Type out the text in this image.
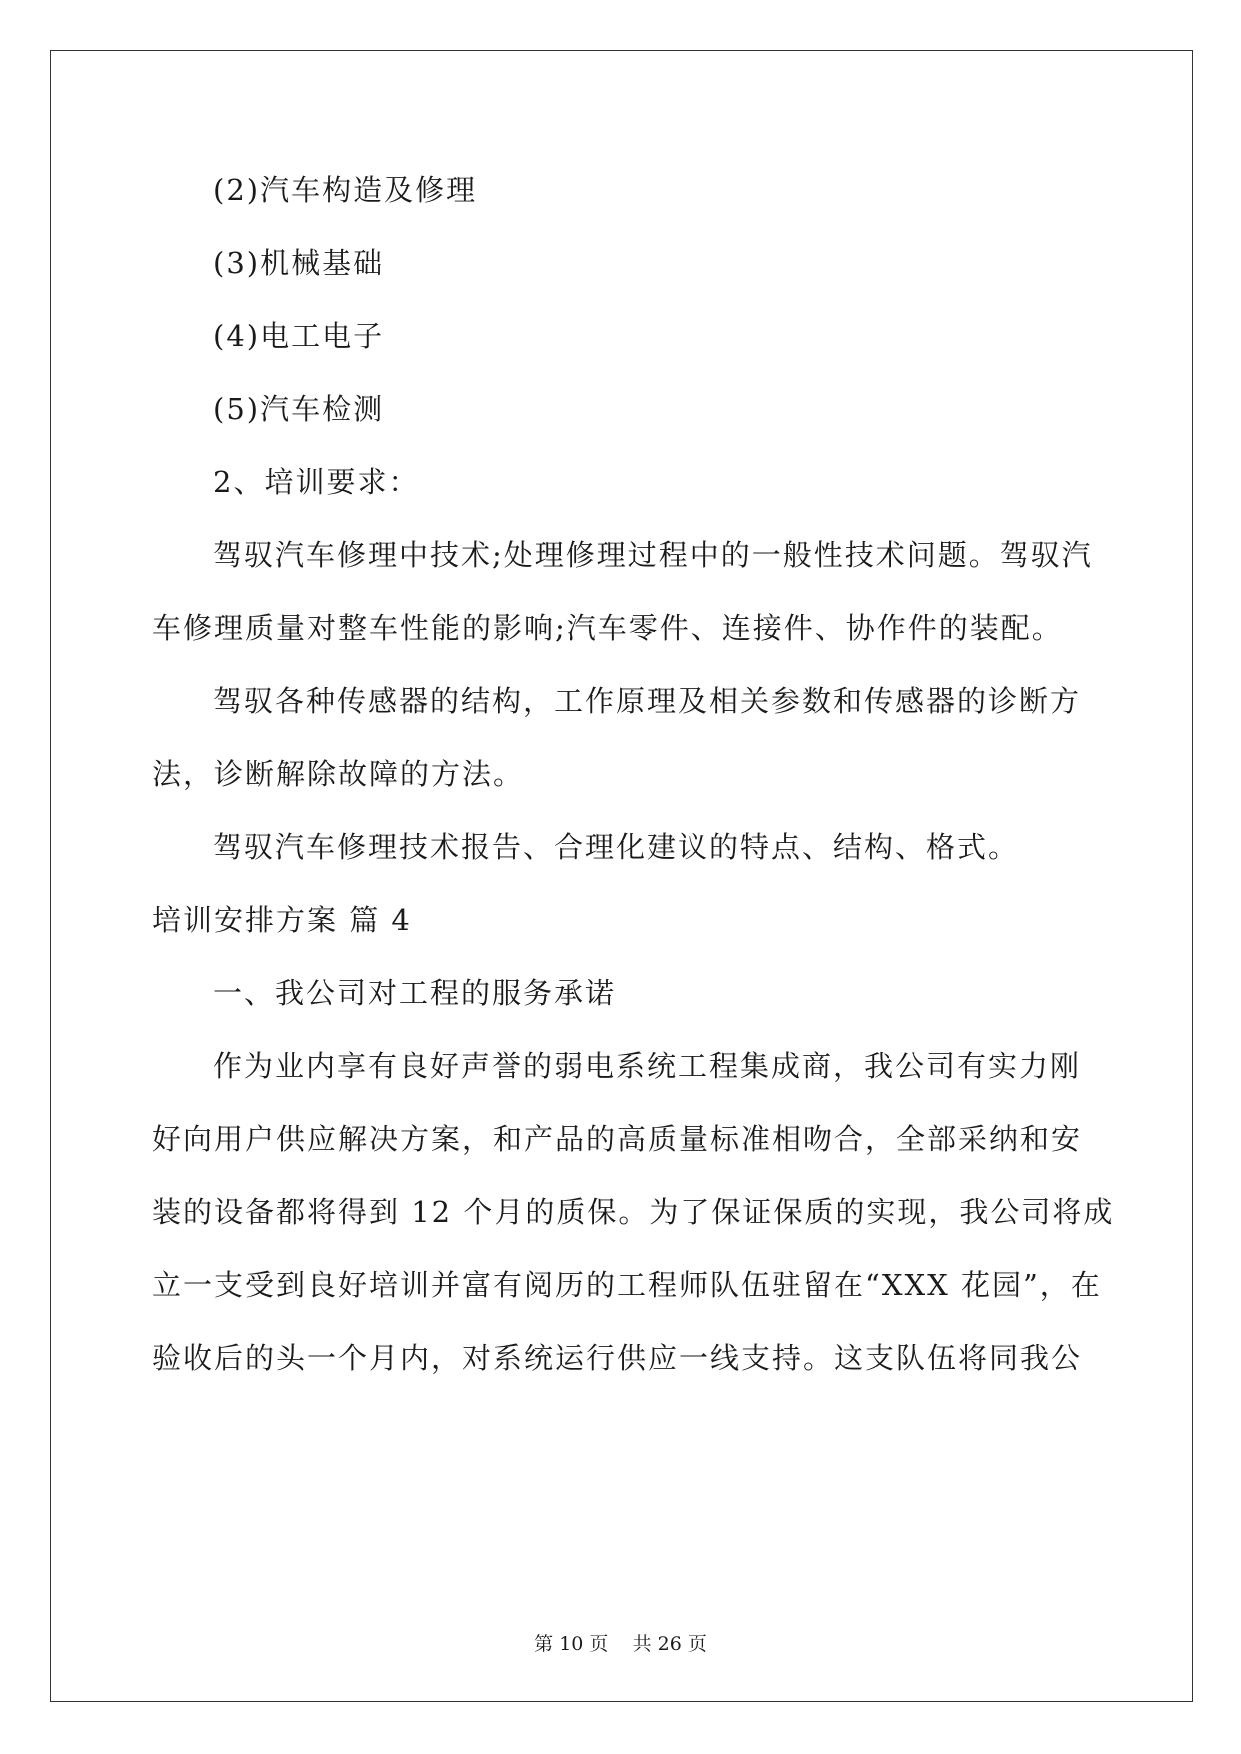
(2)汽车构造及修理
(3)机械基础
(4)电工电子
(5)汽车检测
2、培训要求：
驾驭汽车修理中技术;处理修理过程中的一般性技术问题。驾驭汽
车修理质量对整车性能的影响;汽车零件、连接件、协作件的装配。
驾驭各种传感器的结构，工作原理及相关参数和传感器的诊断方
法，诊断解除故障的方法。
驾驭汽车修理技术报告、合理化建议的特点、结构、格式。
培训安排方案 篇 4
一、我公司对工程的服务承诺
作为业内享有良好声誉的弱电系统工程集成商，我公司有实力刚
好向用户供应解决方案，和产品的高质量标准相吻合，全部采纳和安
装的设备都将得到 12 个月的质保。为了保证保质的实现，我公司将成
立一支受到良好培训并富有阅历的工程师队伍驻留在“XXX 花园”，在
验收后的头一个月内，对系统运行供应一线支持。这支队伍将同我公
第 10 页    共 26 页
